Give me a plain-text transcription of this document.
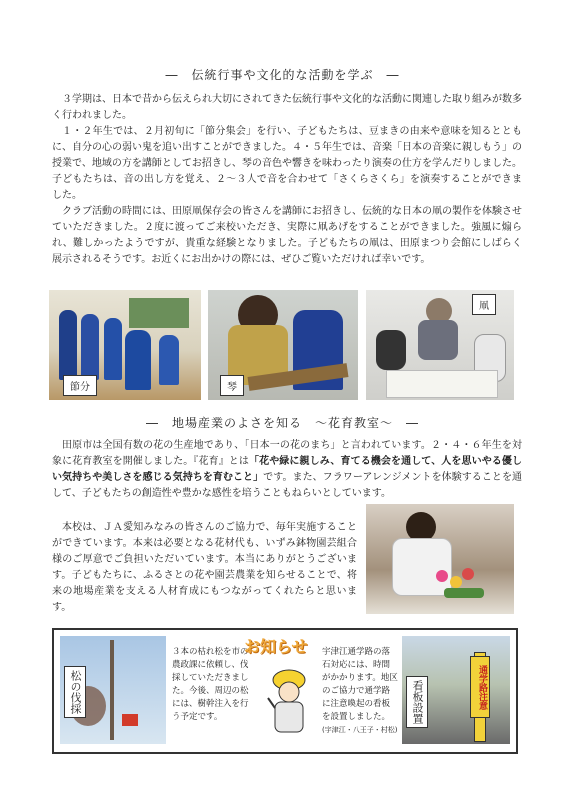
―　伝統行事や文化的な活動を学ぶ　―
３学期は、日本で昔から伝えられ大切にされてきた伝統行事や文化的な活動に関連した取り組みが数多く行われました。
１・２年生では、２月初旬に「節分集会」を行い、子どもたちは、豆まきの由来や意味を知るとともに、自分の心の弱い鬼を追い出すことができました。４・５年生では、音楽「日本の音楽に親しもう」の授業で、地域の方を講師としてお招きし、琴の音色や響きを味わったり演奏の仕方を学んだりしました。子どもたちは、音の出し方を覚え、２～３人で音を合わせて「さくらさくら」を演奏することができました。
クラブ活動の時間には、田原凧保存会の皆さんを講師にお招きし、伝統的な日本の凧の製作を体験させていただきました。２度に渡ってご来校いただき、実際に凧あげをすることができました。強風に煽られ、難しかったようですが、貴重な経験となりました。子どもたちの凧は、田原まつり会館にしばらく展示されるそうです。お近くにお出かけの際には、ぜひご覧いただければ幸いです。
節分	琴
凧
―　地場産業のよさを知る　～花育教室～　―
田原市は全国有数の花の生産地であり、「日本一の花のまち」と言われています。２・４・６年生を対象に花育教室を開催しました。『花育』とは「花や緑に親しみ、育てる機会を通して、人を思いやる優しい気持ちや美しさを感じる気持ちを育むこと」です。また、フラワーアレンジメントを体験することを通して、子どもたちの創造性や豊かな感性を培うこともねらいとしています。
本校は、ＪＡ愛知みなみの皆さんのご協力で、毎年実施することができています。本来は必要となる花材代も、いずみ鉢物園芸組合様のご厚意でご負担いただいています。本当にありがとうございます。子どもたちに、ふるさとの花や園芸農業を知らせることで、将来の地場産業を支える人材育成にもつながってくれたらと思います。
松の伐採
３本の枯れ松を市の農政課に依頼し、伐採していただきました。今後、周辺の松には、樹幹注入を行う予定です。
お知らせ 宇津江通学路の落石対応には、時間がかかります。地区のご協力で通学路に注意喚起の看板を設置しました。 (宇津江・八王子・村松)
通学路注意
看板設置
